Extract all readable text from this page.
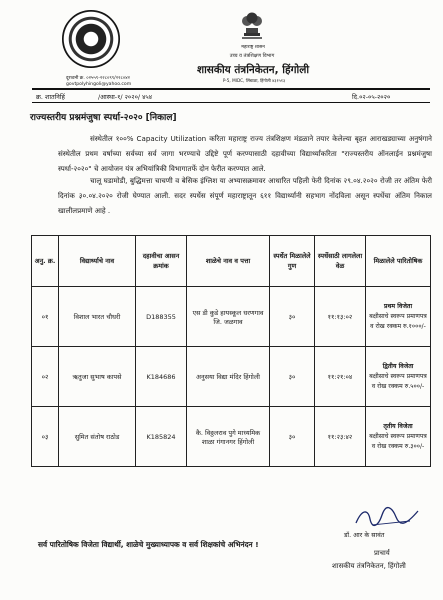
महाराष्ट्र शासन
उच्च व तंत्रशिक्षण विभाग
शासकीय तंत्रनिकेतन, हिंगोली
P-5, MIDC, लिंबाळा, हिंगोली ४३१५१३
दूरध्वनी क्र. ०२५५९-२२८०९९/२२८०४२
govtpolyhingoli@yahoo.com
क्र. शातनिहिं	/आस्था-१/ २०२०/ ४५४	दि.०२-०५-२०२०
राज्यस्तरीय प्रश्नमंजुषा स्पर्धा-२०२० [निकाल]
संस्थेतील १००% Capacity Utilization करिता महाराष्ट्र राज्य तंत्रशिक्षण मंडळाने तयार केलेल्या बृहत आराखड्याच्या अनुषंगाने संस्थेतील प्रथम वर्षाच्या सर्वच्या सर्व जागा भरण्याचे उद्दिष्टे पूर्ण करण्यासाठी दहावीच्या विद्यार्थ्यांकरिता "राज्यस्तरीय ऑनलाईन प्रश्नमंजुषा स्पर्धा-२०२०" चे आयोजन यंत्र अभियांत्रिकी विभागातर्फे दोन फेरीत करण्यात आले.
चालू घडामोडी, बुद्धिमत्ता चाचणी व बेसिक इंग्लिश या अभ्यासक्रमावर आधारित पहिली फेरी दिनांक २९.०४.२०२० रोजी तर अंतिम फेरी दिनांक ३०.०४.२०२० रोजी घेण्यात आली. सदर स्पर्धेस संपूर्ण महाराष्ट्रातून ६११ विद्यार्थ्यांनी सहभाग नोंदविला असून स्पर्धेचा अंतिम निकाल खालीलप्रमाणे आहे .
अनु. क्र.	विद्यार्थ्याचे नाव	दहावीचा आसन क्रमांक	शाळेचे नाव व पत्ता	स्पर्धेत मिळालेले गुण	स्पर्धेसाठी लागलेला वेळ	मिळालेले पारितोषिक
०१	विशाल भारत चौधरी	D188355	एस डी कुडे हायस्कूल धरणगाव जि. जळगाव	३०	११:१३:०२	प्रथम विजेता
बक्षीसाचे स्वरूप प्रमाणपत्र
व रोख रक्कम रु.१०००/-

०२	ऋतुजा सुभाष कापसे	K184686	अनुसया विद्या मंदिर हिंगोली	३०	११:२१:०४	द्वितीय विजेता
बक्षीसाचे स्वरूप प्रमाणपत्र
व रोख रक्कम रु.५००/-

०३	सुमित संतोष राठोड	K185824	कै. विठ्ठलराव पुगे माध्यमिक शाळा गंगानगर हिंगोली	३०	११:२३:४२	तृतीय विजेता
बक्षीसाचे स्वरूप प्रमाणपत्र
व रोख रक्कम रु.३००/-
सर्व पारितोषिक विजेता विद्यार्थी, शाळेचे मुख्याध्यापक व सर्व शिक्षकांचे अभिनंदन !
डॉ. आर के सावंत
प्राचार्य
शासकीय तंत्रनिकेतन, हिंगोली
